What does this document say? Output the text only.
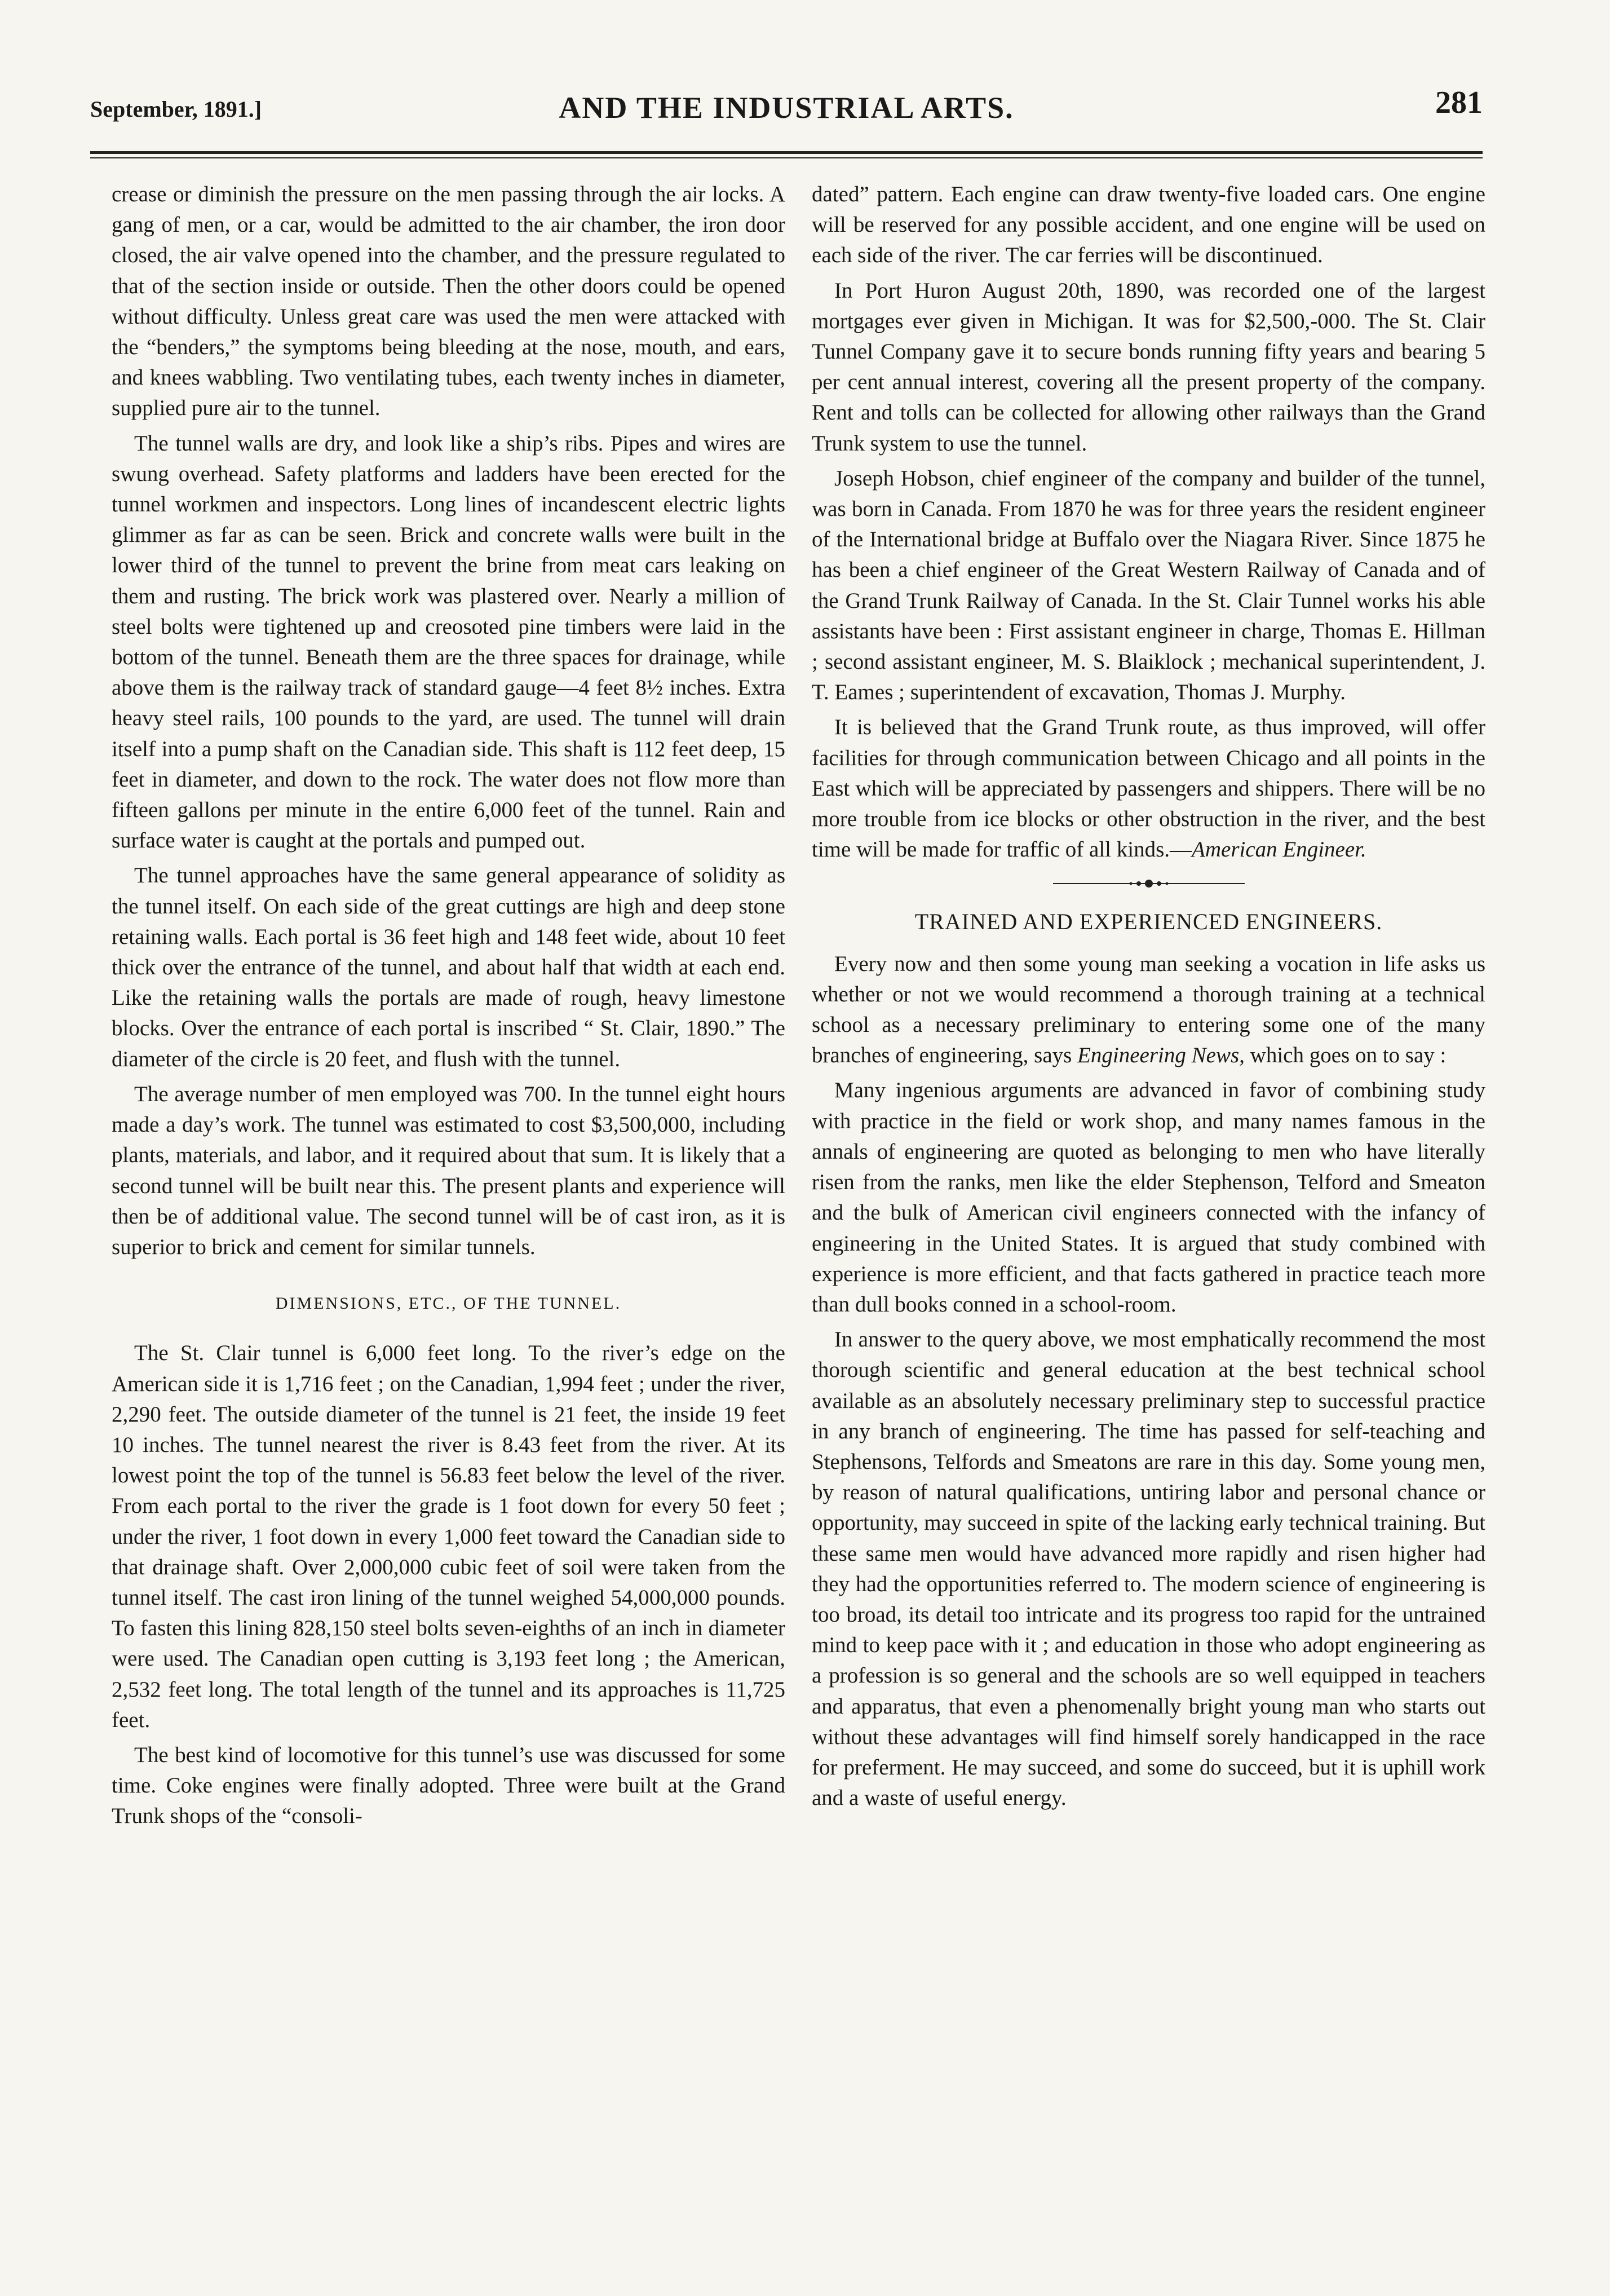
September, 1891.]	AND THE INDUSTRIAL ARTS.	281

crease or diminish the pressure on the men passing through the air locks. A gang of men, or a car, would be admitted to the air chamber, the iron door closed, the air valve opened into the chamber, and the pressure regulated to that of the section inside or outside. Then the other doors could be opened without difficulty. Unless great care was used the men were attacked with the “benders,” the symptoms being bleeding at the nose, mouth, and ears, and knees wabbling. Two ventilating tubes, each twenty inches in diameter, supplied pure air to the tunnel.

The tunnel walls are dry, and look like a ship’s ribs. Pipes and wires are swung overhead. Safety platforms and ladders have been erected for the tunnel workmen and inspectors. Long lines of incandescent electric lights glimmer as far as can be seen. Brick and concrete walls were built in the lower third of the tunnel to prevent the brine from meat cars leaking on them and rusting. The brick work was plastered over. Nearly a million of steel bolts were tightened up and creosoted pine timbers were laid in the bottom of the tunnel. Beneath them are the three spaces for drainage, while above them is the railway track of standard gauge—4 feet 8½ inches. Extra heavy steel rails, 100 pounds to the yard, are used. The tunnel will drain itself into a pump shaft on the Canadian side. This shaft is 112 feet deep, 15 feet in diameter, and down to the rock. The water does not flow more than fifteen gallons per minute in the entire 6,000 feet of the tunnel. Rain and surface water is caught at the portals and pumped out.

The tunnel approaches have the same general appearance of solidity as the tunnel itself. On each side of the great cuttings are high and deep stone retaining walls. Each portal is 36 feet high and 148 feet wide, about 10 feet thick over the entrance of the tunnel, and about half that width at each end. Like the retaining walls the portals are made of rough, heavy limestone blocks. Over the entrance of each portal is inscribed “ St. Clair, 1890.” The diameter of the circle is 20 feet, and flush with the tunnel.

The average number of men employed was 700. In the tunnel eight hours made a day’s work. The tunnel was estimated to cost $3,500,000, including plants, materials, and labor, and it required about that sum. It is likely that a second tunnel will be built near this. The present plants and experience will then be of additional value. The second tunnel will be of cast iron, as it is superior to brick and cement for similar tunnels.

DIMENSIONS, ETC., OF THE TUNNEL.

The St. Clair tunnel is 6,000 feet long. To the river’s edge on the American side it is 1,716 feet ; on the Canadian, 1,994 feet ; under the river, 2,290 feet. The outside diameter of the tunnel is 21 feet, the inside 19 feet 10 inches. The tunnel nearest the river is 8.43 feet from the river. At its lowest point the top of the tunnel is 56.83 feet below the level of the river. From each portal to the river the grade is 1 foot down for every 50 feet ; under the river, 1 foot down in every 1,000 feet toward the Canadian side to that drainage shaft. Over 2,000,000 cubic feet of soil were taken from the tunnel itself. The cast iron lining of the tunnel weighed 54,000,000 pounds. To fasten this lining 828,150 steel bolts seven-eighths of an inch in diameter were used. The Canadian open cutting is 3,193 feet long ; the American, 2,532 feet long. The total length of the tunnel and its approaches is 11,725 feet.

The best kind of locomotive for this tunnel’s use was discussed for some time. Coke engines were finally adopted. Three were built at the Grand Trunk shops of the “consoli-

dated” pattern. Each engine can draw twenty-five loaded cars. One engine will be reserved for any possible accident, and one engine will be used on each side of the river. The car ferries will be discontinued.

In Port Huron August 20th, 1890, was recorded one of the largest mortgages ever given in Michigan. It was for $2,500,-000. The St. Clair Tunnel Company gave it to secure bonds running fifty years and bearing 5 per cent annual interest, covering all the present property of the company. Rent and tolls can be collected for allowing other railways than the Grand Trunk system to use the tunnel.

Joseph Hobson, chief engineer of the company and builder of the tunnel, was born in Canada. From 1870 he was for three years the resident engineer of the International bridge at Buffalo over the Niagara River. Since 1875 he has been a chief engineer of the Great Western Railway of Canada and of the Grand Trunk Railway of Canada. In the St. Clair Tunnel works his able assistants have been : First assistant engineer in charge, Thomas E. Hillman ; second assistant engineer, M. S. Blaiklock ; mechanical superintendent, J. T. Eames ; superintendent of excavation, Thomas J. Murphy.

It is believed that the Grand Trunk route, as thus improved, will offer facilities for through communication between Chicago and all points in the East which will be appreciated by passengers and shippers. There will be no more trouble from ice blocks or other obstruction in the river, and the best time will be made for traffic of all kinds.—American Engineer.

TRAINED AND EXPERIENCED ENGINEERS.

Every now and then some young man seeking a vocation in life asks us whether or not we would recommend a thorough training at a technical school as a necessary preliminary to entering some one of the many branches of engineering, says Engineering News, which goes on to say :

Many ingenious arguments are advanced in favor of combining study with practice in the field or work shop, and many names famous in the annals of engineering are quoted as belonging to men who have literally risen from the ranks, men like the elder Stephenson, Telford and Smeaton and the bulk of American civil engineers connected with the infancy of engineering in the United States. It is argued that study combined with experience is more efficient, and that facts gathered in practice teach more than dull books conned in a school-room.

In answer to the query above, we most emphatically recommend the most thorough scientific and general education at the best technical school available as an absolutely necessary preliminary step to successful practice in any branch of engineering. The time has passed for self-teaching and Stephensons, Telfords and Smeatons are rare in this day. Some young men, by reason of natural qualifications, untiring labor and personal chance or opportunity, may succeed in spite of the lacking early technical training. But these same men would have advanced more rapidly and risen higher had they had the opportunities referred to. The modern science of engineering is too broad, its detail too intricate and its progress too rapid for the untrained mind to keep pace with it ; and education in those who adopt engineering as a profession is so general and the schools are so well equipped in teachers and apparatus, that even a phenomenally bright young man who starts out without these advantages will find himself sorely handicapped in the race for preferment. He may succeed, and some do succeed, but it is uphill work and a waste of useful energy.
